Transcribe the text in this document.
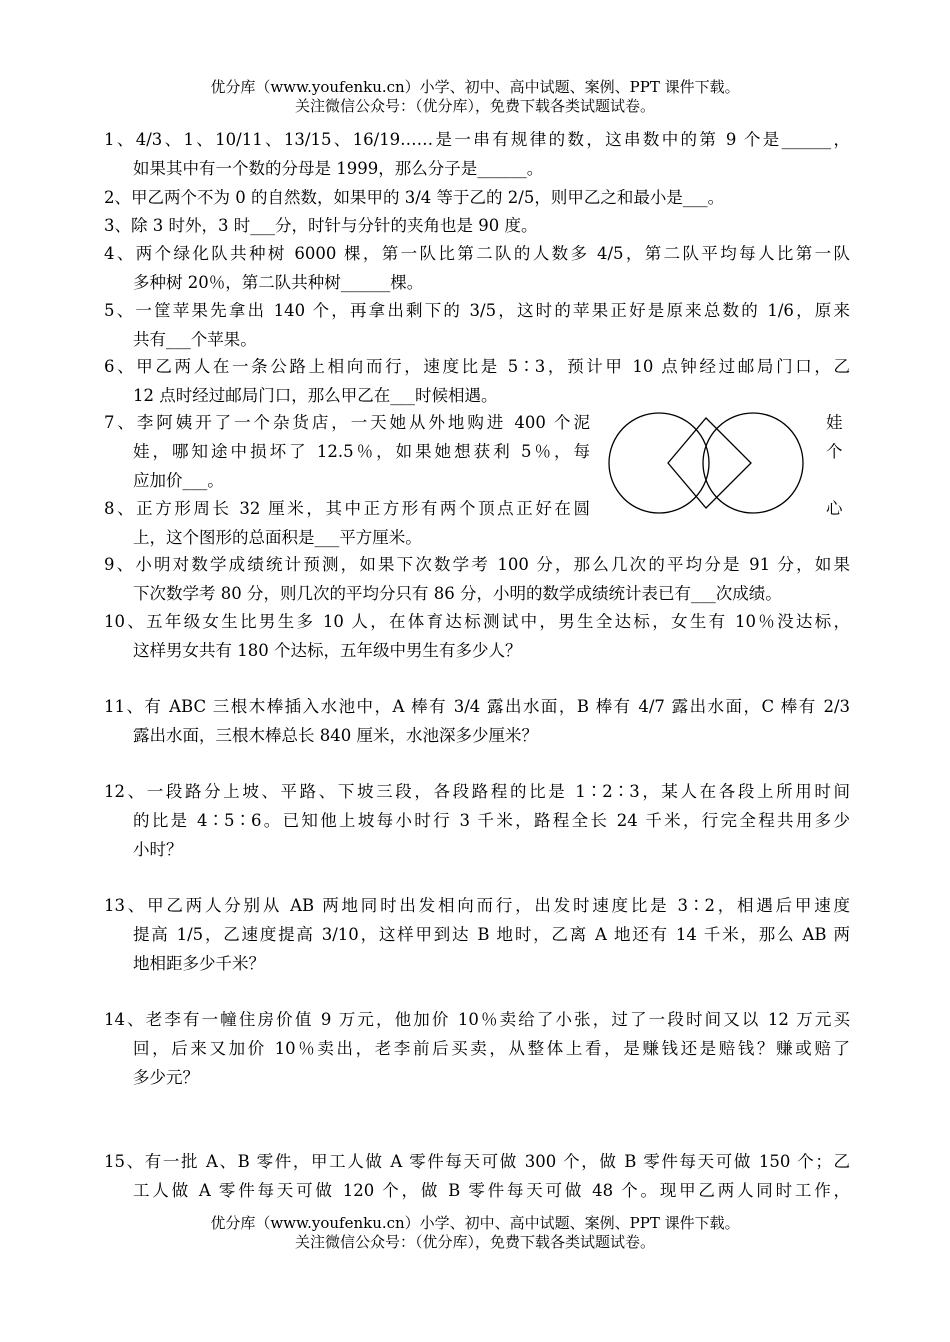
优分库（www.youfenku.cn）小学、初中、高中试题、案例、PPT 课件下载。
关注微信公众号：（优分库），免费下载各类试题试卷。
1、4/3、1、10/11、13/15、16/19……是一串有规律的数，这串数中的第 9 个是______，
如果其中有一个数的分母是 1999，那么分子是______。
2、甲乙两个不为 0 的自然数，如果甲的 3/4 等于乙的 2/5，则甲乙之和最小是___。
3、除 3 时外，3 时___分，时针与分针的夹角也是 90 度。
4、两个绿化队共种树 6000 棵，第一队比第二队的人数多 4/5，第二队平均每人比第一队
多种树 20％，第二队共种树______棵。
5、一筐苹果先拿出 140 个，再拿出剩下的 3/5，这时的苹果正好是原来总数的 1/6，原来
共有___个苹果。
6、甲乙两人在一条公路上相向而行，速度比是 5∶3，预计甲 10 点钟经过邮局门口，乙
12 点时经过邮局门口，那么甲乙在___时候相遇。
7、李阿姨开了一个杂货店，一天她从外地购进 400 个泥
娃，哪知途中损坏了 12.5％，如果她想获利 5％，每
应加价___。
娃
个
8、正方形周长 32 厘米，其中正方形有两个顶点正好在圆
上，这个图形的总面积是___平方厘米。
心
9、小明对数学成绩统计预测，如果下次数学考 100 分，那么几次的平均分是 91 分，如果
下次数学考 80 分，则几次的平均分只有 86 分，小明的数学成绩统计表已有___次成绩。
10、五年级女生比男生多 10 人，在体育达标测试中，男生全达标，女生有 10％没达标，
这样男女共有 180 个达标，五年级中男生有多少人？
11、有 ABC 三根木棒插入水池中，A 棒有 3/4 露出水面，B 棒有 4/7 露出水面，C 棒有 2/3
露出水面，三根木棒总长 840 厘米，水池深多少厘米？
12、一段路分上坡、平路、下坡三段，各段路程的比是 1∶2∶3，某人在各段上所用时间
的比是 4∶5∶6。已知他上坡每小时行 3 千米，路程全长 24 千米，行完全程共用多少
小时？
13、甲乙两人分别从 AB 两地同时出发相向而行，出发时速度比是 3∶2，相遇后甲速度
提高 1/5，乙速度提高 3/10，这样甲到达 B 地时，乙离 A 地还有 14 千米，那么 AB 两
地相距多少千米？
14、老李有一幢住房价值 9 万元，他加价 10％卖给了小张，过了一段时间又以 12 万元买
回，后来又加价 10％卖出，老李前后买卖，从整体上看，是赚钱还是赔钱？赚或赔了
多少元？
15、有一批 A、B 零件，甲工人做 A 零件每天可做 300 个，做 B 零件每天可做 150 个；乙
工人做 A 零件每天可做 120 个，做 B 零件每天可做 48 个。现甲乙两人同时工作，
优分库（www.youfenku.cn）小学、初中、高中试题、案例、PPT 课件下载。
关注微信公众号：（优分库），免费下载各类试题试卷。
